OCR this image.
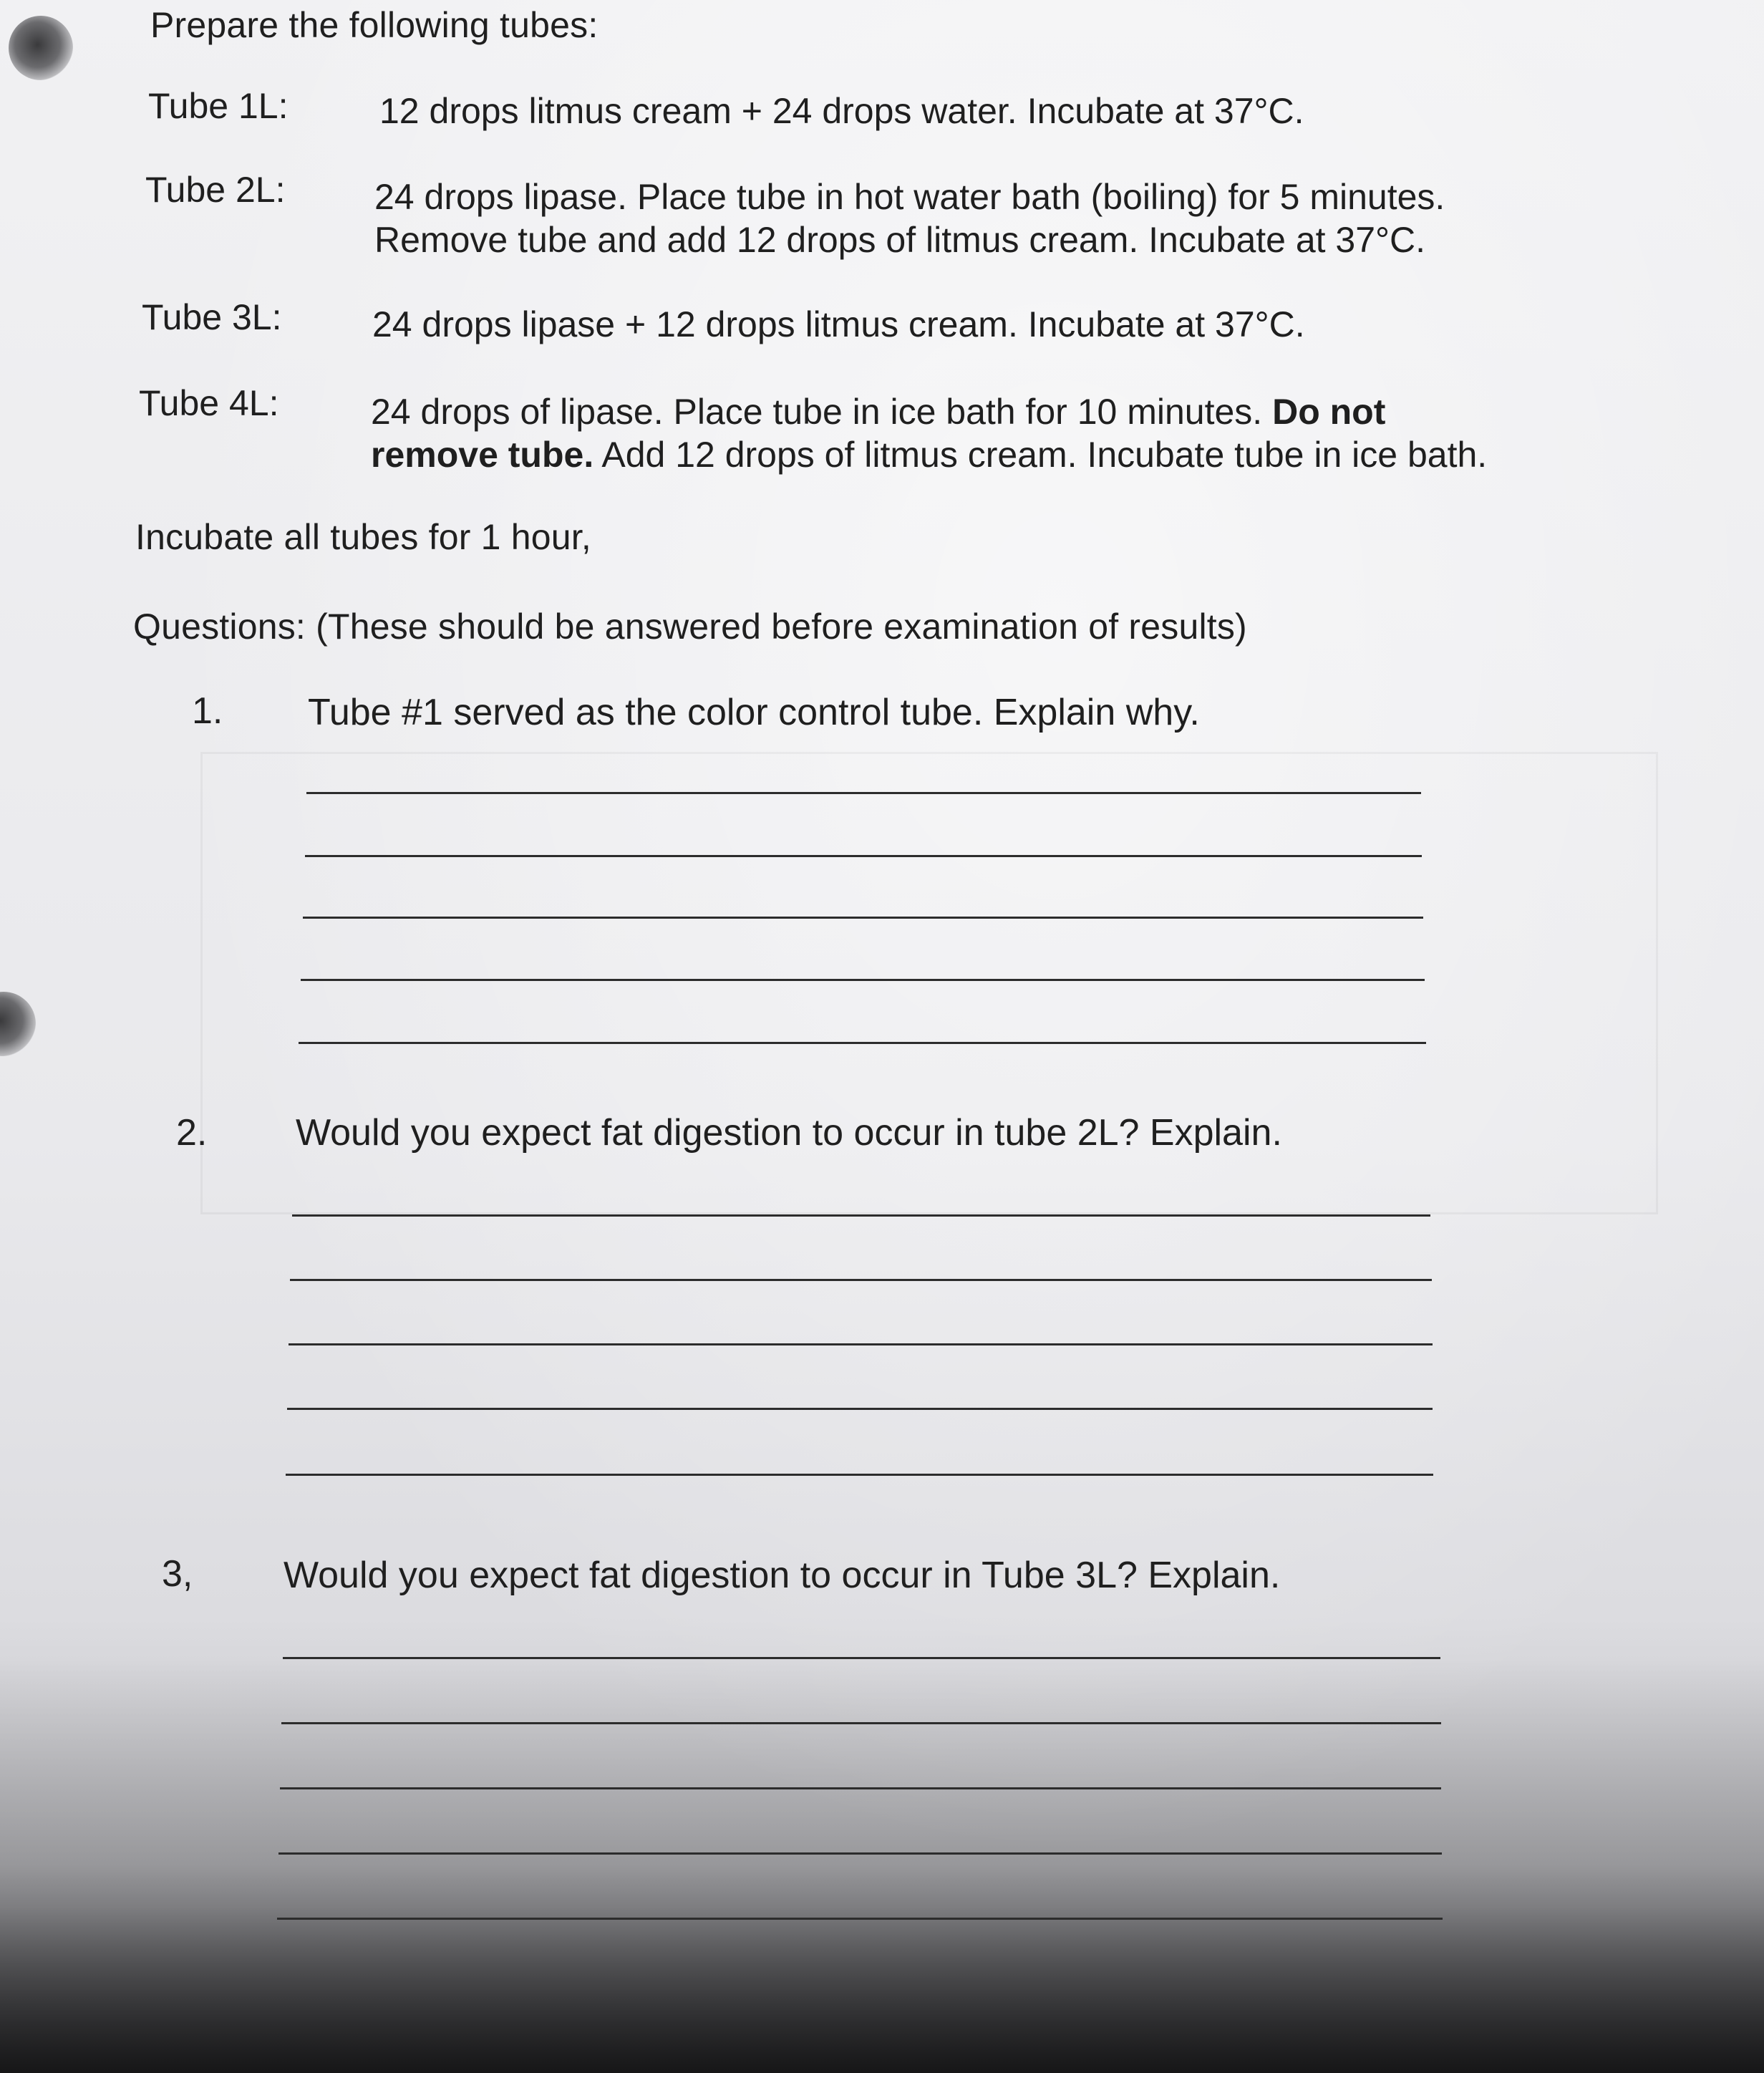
Prepare the following tubes:
Tube 1L:	12 drops litmus cream + 24 drops water. Incubate at 37°C.
Tube 2L: 24 drops lipase. Place tube in hot water bath (boiling) for 5 minutes.
Remove tube and add 12 drops of litmus cream. Incubate at 37°C.
Tube 3L:	24 drops lipase + 12 drops litmus cream. Incubate at 37°C.
Tube 4L:	24 drops of lipase. Place tube in ice bath for 10 minutes. Do not
remove tube. Add 12 drops of litmus cream. Incubate tube in ice bath.
Incubate all tubes for 1 hour,
Questions: (These should be answered before examination of results)
1. Tube #1 served as the color control tube. Explain why.
2. Would you expect fat digestion to occur in tube 2L? Explain.
3, Would you expect fat digestion to occur in Tube 3L? Explain.
